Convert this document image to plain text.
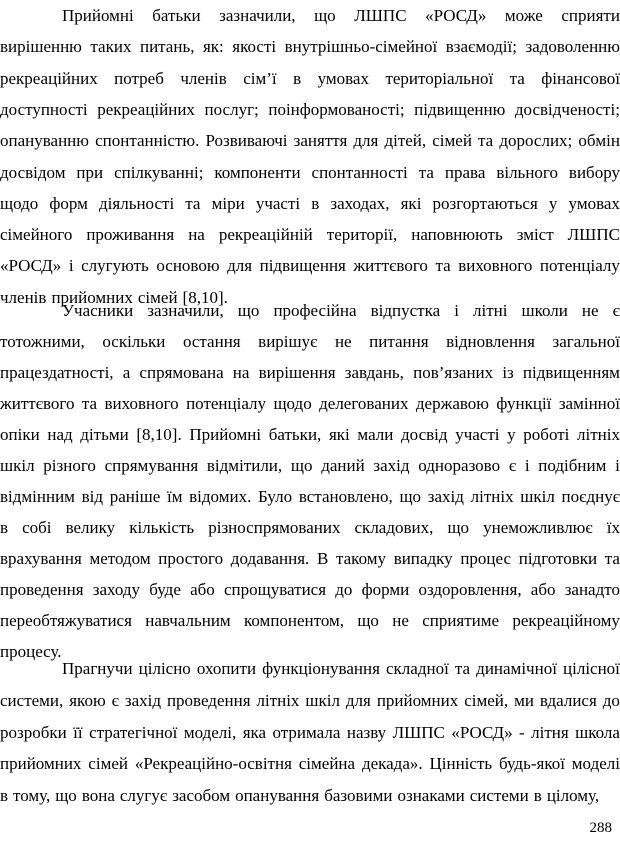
Прийомні батьки зазначили, що ЛШПС «РОСД» може сприяти
вирішенню таких питань, як: якості внутрішньо-сімейної взаємодії; задоволенню
рекреаційних потреб членів сім’ї в умовах територіальної та фінансової
доступності рекреаційних послуг; поінформованості; підвищенню досвідченості;
опануванню спонтанністю. Розвиваючі заняття для дітей, сімей та дорослих; обмін
досвідом при спілкуванні; компоненти спонтанності та права вільного вибору
щодо форм діяльності та міри участі в заходах, які розгортаються у умовах
сімейного проживання на рекреаційній території, наповнюють зміст ЛШПС
«РОСД» і слугують основою для підвищення життєвого та виховного потенціалу
членів прийомних сімей [8,10].
Учасники зазначили, що професійна відпустка і літні школи не є
тотожними, оскільки остання вирішує не питання відновлення загальної
працездатності, а спрямована на вирішення завдань, пов’язаних із підвищенням
життєвого та виховного потенціалу щодо делегованих державою функції замінної
опіки над дітьми [8,10]. Прийомні батьки, які мали досвід участі у роботі літніх
шкіл різного спрямування відмітили, що даний захід одноразово є і подібним і
відмінним від раніше їм відомих. Було встановлено, що захід літніх шкіл поєднує
в собі велику кількість різноспрямованих складових, що унеможливлює їх
врахування методом простого додавання. В такому випадку процес підготовки та
проведення заходу буде або спрощуватися до форми оздоровлення, або занадто
переобтяжуватися навчальним компонентом, що не сприятиме рекреаційному
процесу.
Прагнучи цілісно охопити функціонування складної та динамічної цілісної
системи, якою є захід проведення літніх шкіл для прийомних сімей, ми вдалися до
розробки її стратегічної моделі, яка отримала назву ЛШПС «РОСД» - літня школа
прийомних сімей «Рекреаційно-освітня сімейна декада». Цінність будь-якої моделі
в тому, що вона слугує засобом опанування базовими ознаками системи в цілому,
288
